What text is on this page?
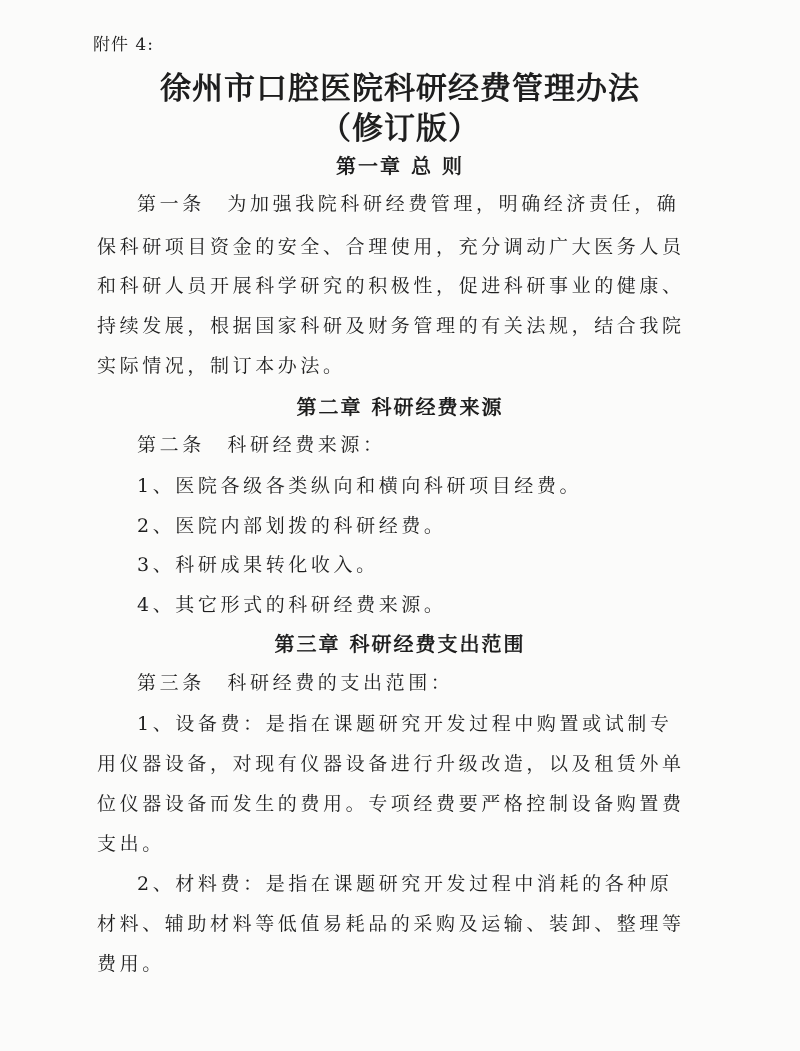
附件 4:
徐州市口腔医院科研经费管理办法
（修订版）
第一章 总 则
第一条　为加强我院科研经费管理，明确经济责任，确
保科研项目资金的安全、合理使用，充分调动广大医务人员
和科研人员开展科学研究的积极性，促进科研事业的健康、
持续发展，根据国家科研及财务管理的有关法规，结合我院
实际情况，制订本办法。
第二章 科研经费来源
第二条　科研经费来源：
1、医院各级各类纵向和横向科研项目经费。
2、医院内部划拨的科研经费。
3、科研成果转化收入。
4、其它形式的科研经费来源。
第三章 科研经费支出范围
第三条　科研经费的支出范围：
1、设备费：是指在课题研究开发过程中购置或试制专
用仪器设备，对现有仪器设备进行升级改造，以及租赁外单
位仪器设备而发生的费用。专项经费要严格控制设备购置费
支出。
2、材料费：是指在课题研究开发过程中消耗的各种原
材料、辅助材料等低值易耗品的采购及运输、装卸、整理等
费用。
